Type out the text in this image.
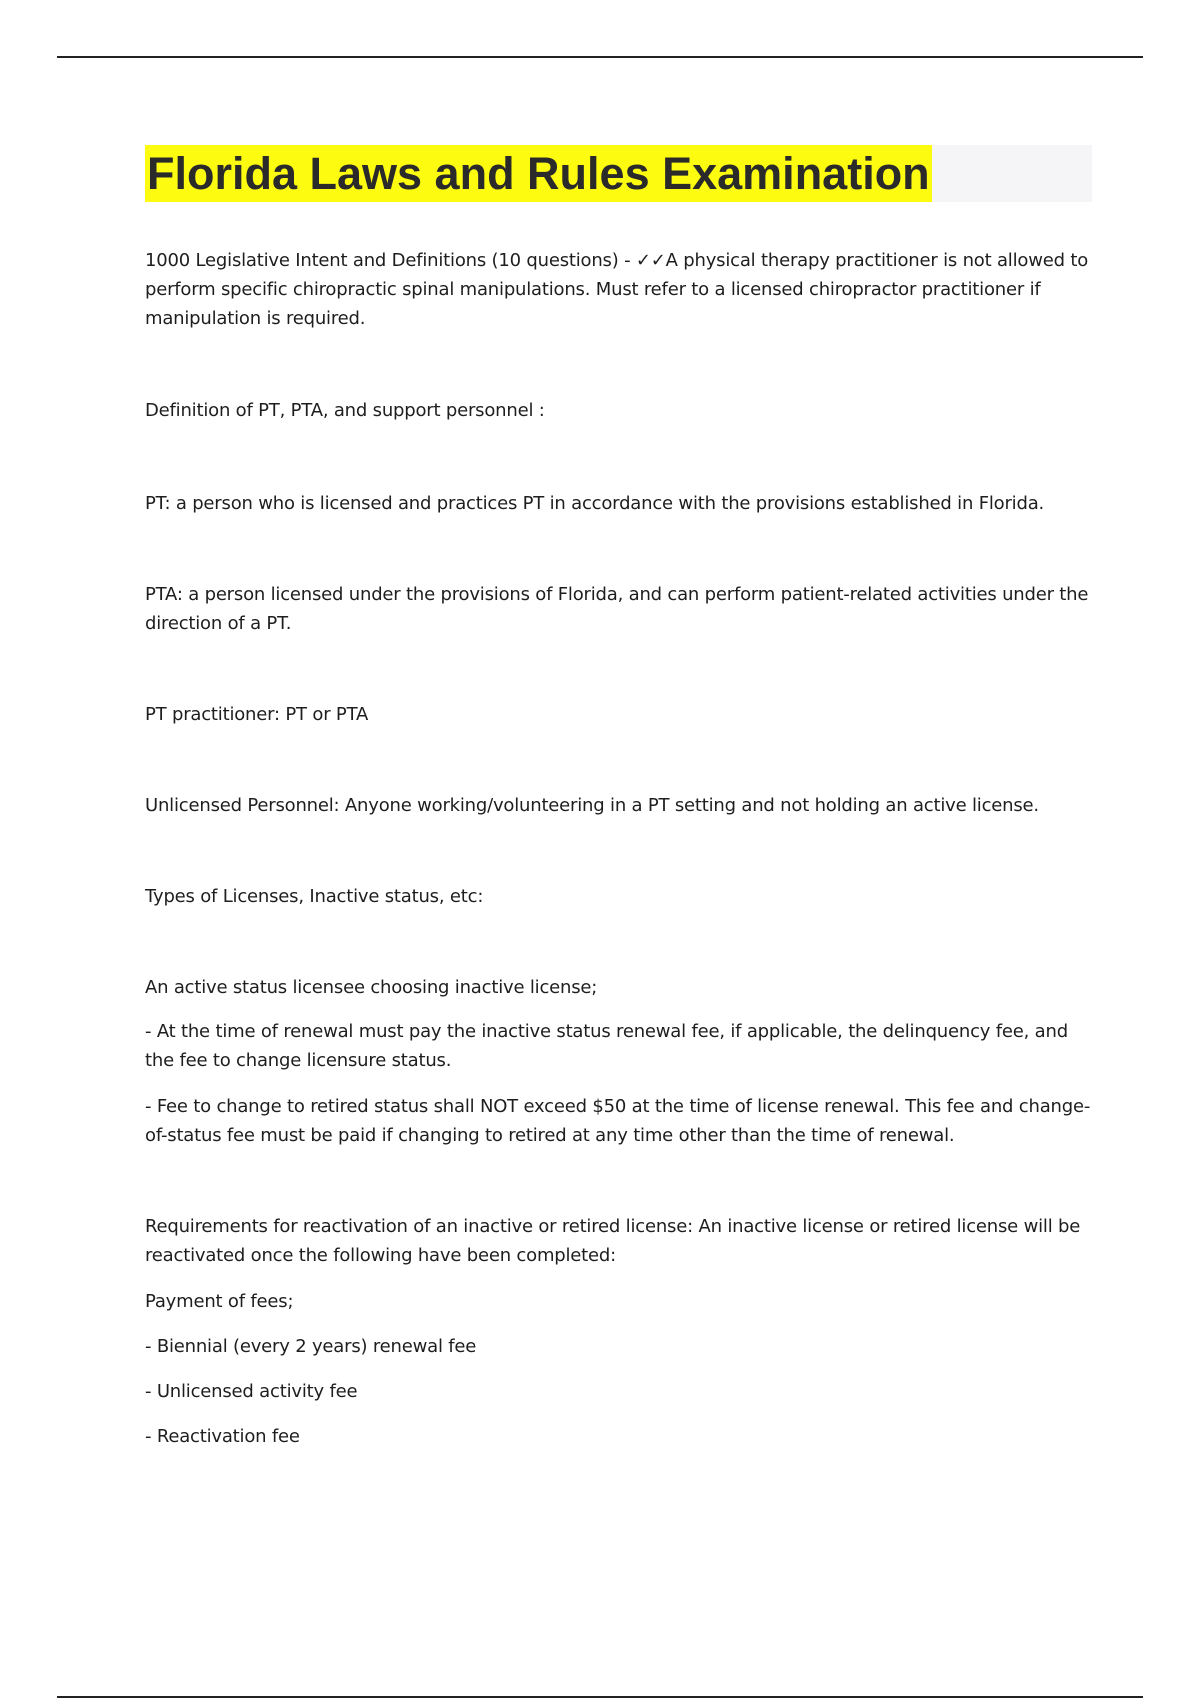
Florida Laws and Rules Examination

1000 Legislative Intent and Definitions (10 questions) - ✓✓A physical therapy practitioner is not allowed to perform specific chiropractic spinal manipulations. Must refer to a licensed chiropractor practitioner if manipulation is required.

Definition of PT, PTA, and support personnel :

PT: a person who is licensed and practices PT in accordance with the provisions established in Florida.

PTA: a person licensed under the provisions of Florida, and can perform patient-related activities under the direction of a PT.

PT practitioner: PT or PTA

Unlicensed Personnel: Anyone working/volunteering in a PT setting and not holding an active license.

Types of Licenses, Inactive status, etc:

An active status licensee choosing inactive license;

- At the time of renewal must pay the inactive status renewal fee, if applicable, the delinquency fee, and the fee to change licensure status.

- Fee to change to retired status shall NOT exceed $50 at the time of license renewal. This fee and change-of-status fee must be paid if changing to retired at any time other than the time of renewal.

Requirements for reactivation of an inactive or retired license: An inactive license or retired license will be reactivated once the following have been completed:

Payment of fees;

- Biennial (every 2 years) renewal fee

- Unlicensed activity fee

- Reactivation fee
